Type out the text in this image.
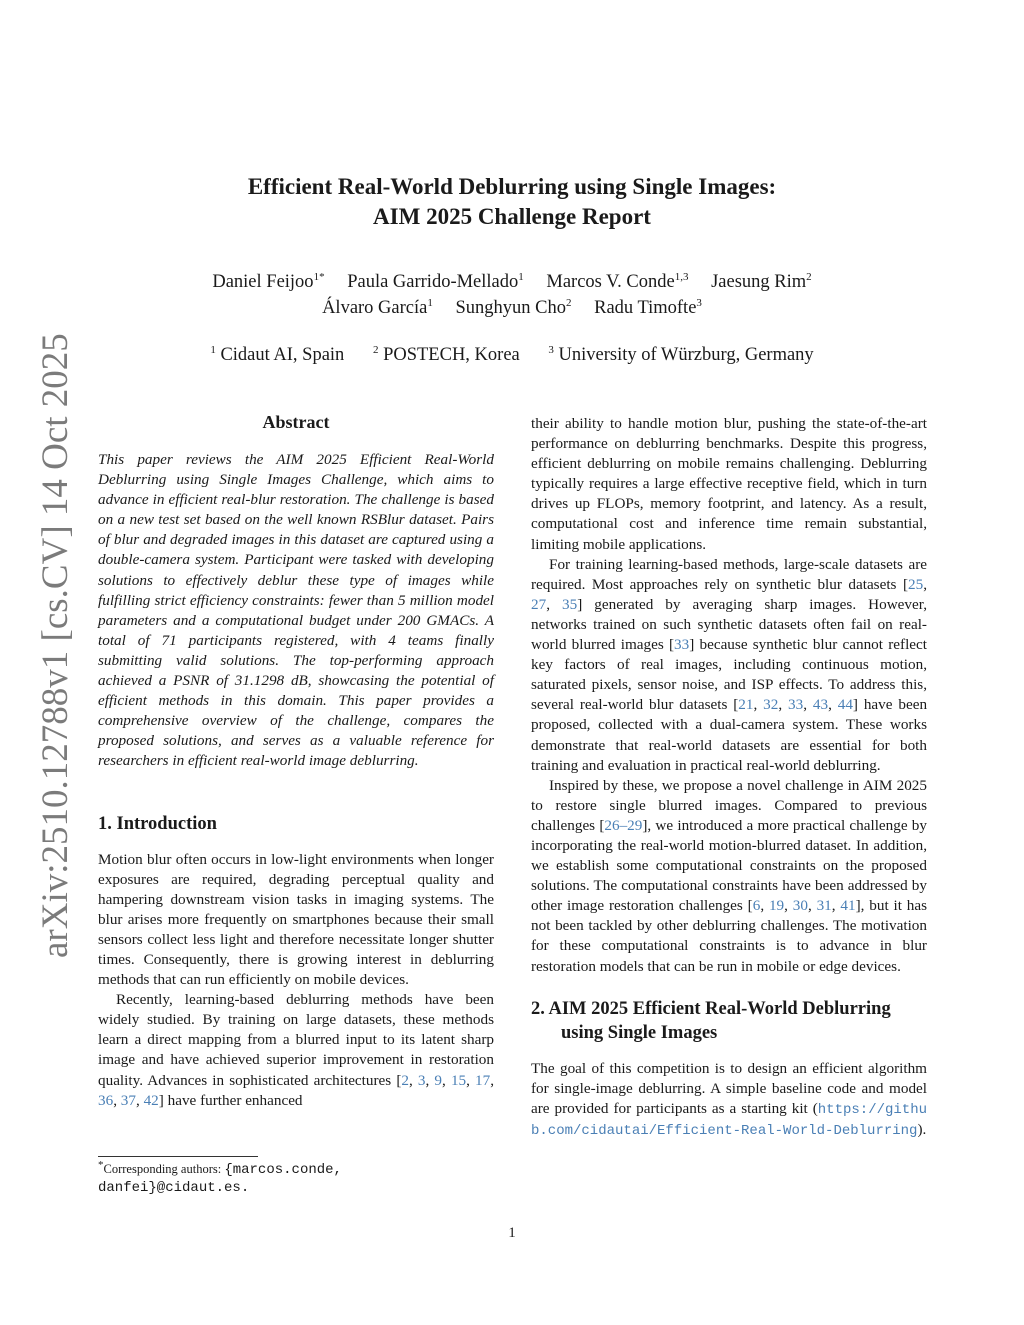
arXiv:2510.12788v1 [cs.CV] 14 Oct 2025
Efficient Real-World Deblurring using Single Images:
AIM 2025 Challenge Report
Daniel Feijoo$^{1*}$ Paula Garrido-Mellado$^1$ Marcos V. Conde$^{1,3}$ Jaesung Rim$^2$
Álvaro García$^1$ Sunghyun Cho$^2$ Radu Timofte$^3$
$^1$ Cidaut AI, Spain	$^2$ POSTECH, Korea	$^3$ University of Würzburg, Germany
Abstract

This paper reviews the AIM 2025 Efficient Real-World Deblurring using Single Images Challenge, which aims to advance in efficient real-blur restoration. The challenge is based on a new test set based on the well known RSBlur dataset. Pairs of blur and degraded images in this dataset are captured using a double-camera system. Participant were tasked with developing solutions to effectively deblur these type of images while fulfilling strict efficiency constraints: fewer than 5 million model parameters and a computational budget under 200 GMACs. A total of 71 participants registered, with 4 teams finally submitting valid solutions. The top-performing approach achieved a PSNR of 31.1298 dB, showcasing the potential of efficient methods in this domain. This paper provides a comprehensive overview of the challenge, compares the proposed solutions, and serves as a valuable reference for researchers in efficient real-world image deblurring.

1. Introduction

Motion blur often occurs in low-light environments when longer exposures are required, degrading perceptual quality and hampering downstream vision tasks in imaging systems. The blur arises more frequently on smartphones because their small sensors collect less light and therefore necessitate longer shutter times. Consequently, there is growing interest in deblurring methods that can run efficiently on mobile devices.

Recently, learning-based deblurring methods have been widely studied. By training on large datasets, these methods learn a direct mapping from a blurred input to its latent sharp image and have achieved superior improvement in restoration quality. Advances in sophisticated architectures [2, 3, 9, 15, 17, 36, 37, 42] have further enhanced

*Corresponding authors: {marcos.conde, danfei}@cidaut.es.

their ability to handle motion blur, pushing the state-of-the-art performance on deblurring benchmarks. Despite this progress, efficient deblurring on mobile remains challenging. Deblurring typically requires a large effective receptive field, which in turn drives up FLOPs, memory footprint, and latency. As a result, computational cost and inference time remain substantial, limiting mobile applications.

For training learning-based methods, large-scale datasets are required. Most approaches rely on synthetic blur datasets [25, 27, 35] generated by averaging sharp images. However, networks trained on such synthetic datasets often fail on real-world blurred images [33] because synthetic blur cannot reflect key factors of real images, including continuous motion, saturated pixels, sensor noise, and ISP effects. To address this, several real-world blur datasets [21, 32, 33, 43, 44] have been proposed, collected with a dual-camera system. These works demonstrate that real-world datasets are essential for both training and evaluation in practical real-world deblurring.

Inspired by these, we propose a novel challenge in AIM 2025 to restore single blurred images. Compared to previous challenges [26–29], we introduced a more practical challenge by incorporating the real-world motion-blurred dataset. In addition, we establish some computational constraints on the proposed solutions. The computational constraints have been addressed by other image restoration challenges [6, 19, 30, 31, 41], but it has not been tackled by other deblurring challenges. The motivation for these computational constraints is to advance in blur restoration models that can be run in mobile or edge devices.

2. AIM 2025 Efficient Real-World Deblurring
using Single Images

The goal of this competition is to design an efficient algorithm for single-image deblurring. A simple baseline code and model are provided for participants as a starting kit (https://github.com/cidautai/Efficient-Real-World-Deblurring).

1
